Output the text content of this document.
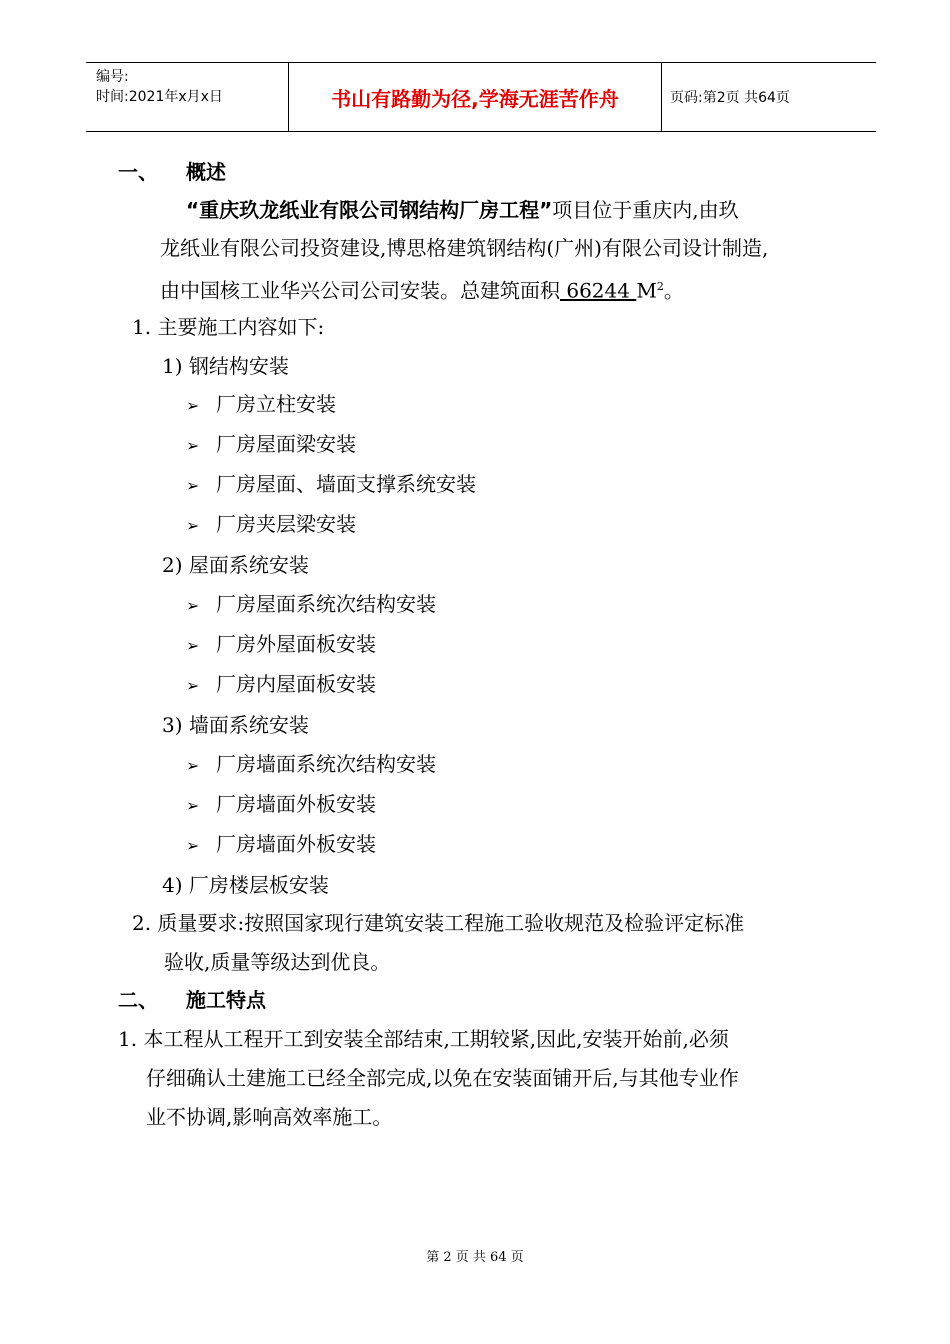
编号:
时间:2021年x月x日	书山有路勤为径,学海无涯苦作舟	页码:第2页 共64页
一、 概述
“重庆玖龙纸业有限公司钢结构厂房工程”项目位于重庆内,由玖
龙纸业有限公司投资建设,博思格建筑钢结构(广州)有限公司设计制造,
由中国核工业华兴公司公司安装。总建筑面积 66244 $M^2$。
1. 主要施工内容如下:
1) 钢结构安装
➢ 厂房立柱安装
➢ 厂房屋面梁安装
➢ 厂房屋面、墙面支撑系统安装
➢ 厂房夹层梁安装
2) 屋面系统安装
➢ 厂房屋面系统次结构安装
➢ 厂房外屋面板安装
➢ 厂房内屋面板安装
3) 墙面系统安装
➢ 厂房墙面系统次结构安装
➢ 厂房墙面外板安装
➢ 厂房墙面外板安装
4) 厂房楼层板安装
2. 质量要求:按照国家现行建筑安装工程施工验收规范及检验评定标准
验收,质量等级达到优良。
二、 施工特点
1. 本工程从工程开工到安装全部结束,工期较紧,因此,安装开始前,必须
仔细确认土建施工已经全部完成,以免在安装面铺开后,与其他专业作
业不协调,影响高效率施工。
第 2 页 共 64 页
